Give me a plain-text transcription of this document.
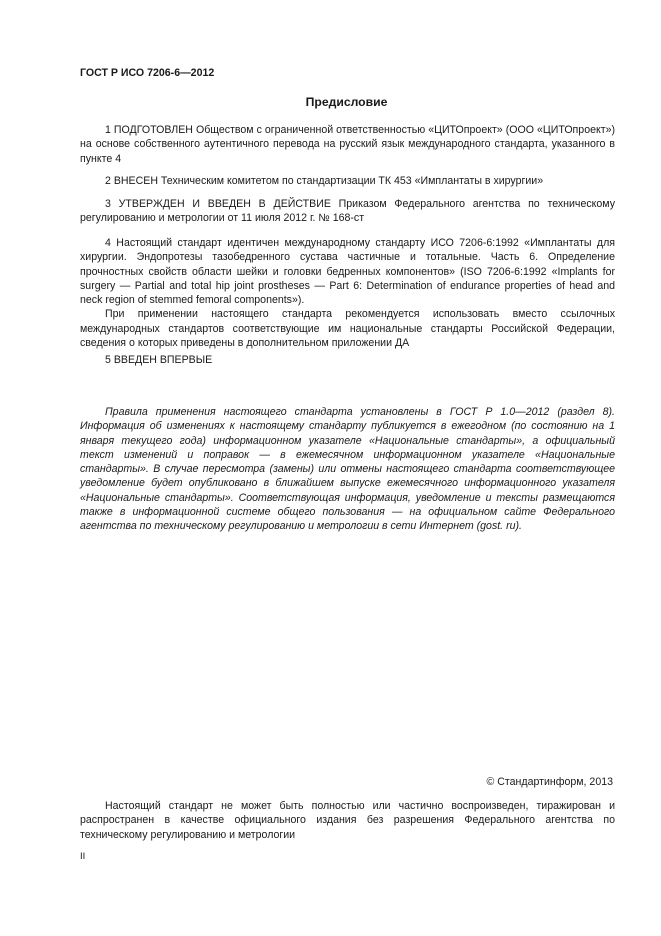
ГОСТ Р ИСО 7206-6—2012
Предисловие

1 ПОДГОТОВЛЕН Обществом с ограниченной ответственностью «ЦИТОпроект» (ООО «ЦИТОпроект») на основе собственного аутентичного перевода на русский язык международного стандарта, указанного в пункте 4

2 ВНЕСЕН Техническим комитетом по стандартизации ТК 453 «Имплантаты в хирургии»

3 УТВЕРЖДЕН И ВВЕДЕН В ДЕЙСТВИЕ Приказом Федерального агентства по техническому регулированию и метрологии от 11 июля 2012 г. № 168-ст

4 Настоящий стандарт идентичен международному стандарту ИСО 7206-6:1992 «Имплантаты для хирургии. Эндопротезы тазобедренного сустава частичные и тотальные. Часть 6. Определение прочностных свойств области шейки и головки бедренных компонентов» (ISO 7206-6:1992 «Implants for surgery — Partial and total hip joint prostheses — Part 6: Determination of endurance properties of head and neck region of stemmed femoral components»).

При применении настоящего стандарта рекомендуется использовать вместо ссылочных международных стандартов соответствующие им национальные стандарты Российской Федерации, сведения о которых приведены в дополнительном приложении ДА

5 ВВЕДЕН ВПЕРВЫЕ

Правила применения настоящего стандарта установлены в ГОСТ Р 1.0—2012 (раздел 8). Информация об изменениях к настоящему стандарту публикуется в ежегодном (по состоянию на 1 января текущего года) информационном указателе «Национальные стандарты», а официальный текст изменений и поправок — в ежемесячном информационном указателе «Национальные стандарты». В случае пересмотра (замены) или отмены настоящего стандарта соответствующее уведомление будет опубликовано в ближайшем выпуске ежемесячного информационного указателя «Национальные стандарты». Соответствующая информация, уведомление и тексты размещаются также в информационной системе общего пользования — на официальном сайте Федерального агентства по техническому регулированию и метрологии в сети Интернет (gost. ru).

© Стандартинформ, 2013

Настоящий стандарт не может быть полностью или частично воспроизведен, тиражирован и распространен в качестве официального издания без разрешения Федерального агентства по техническому регулированию и метрологии

II
